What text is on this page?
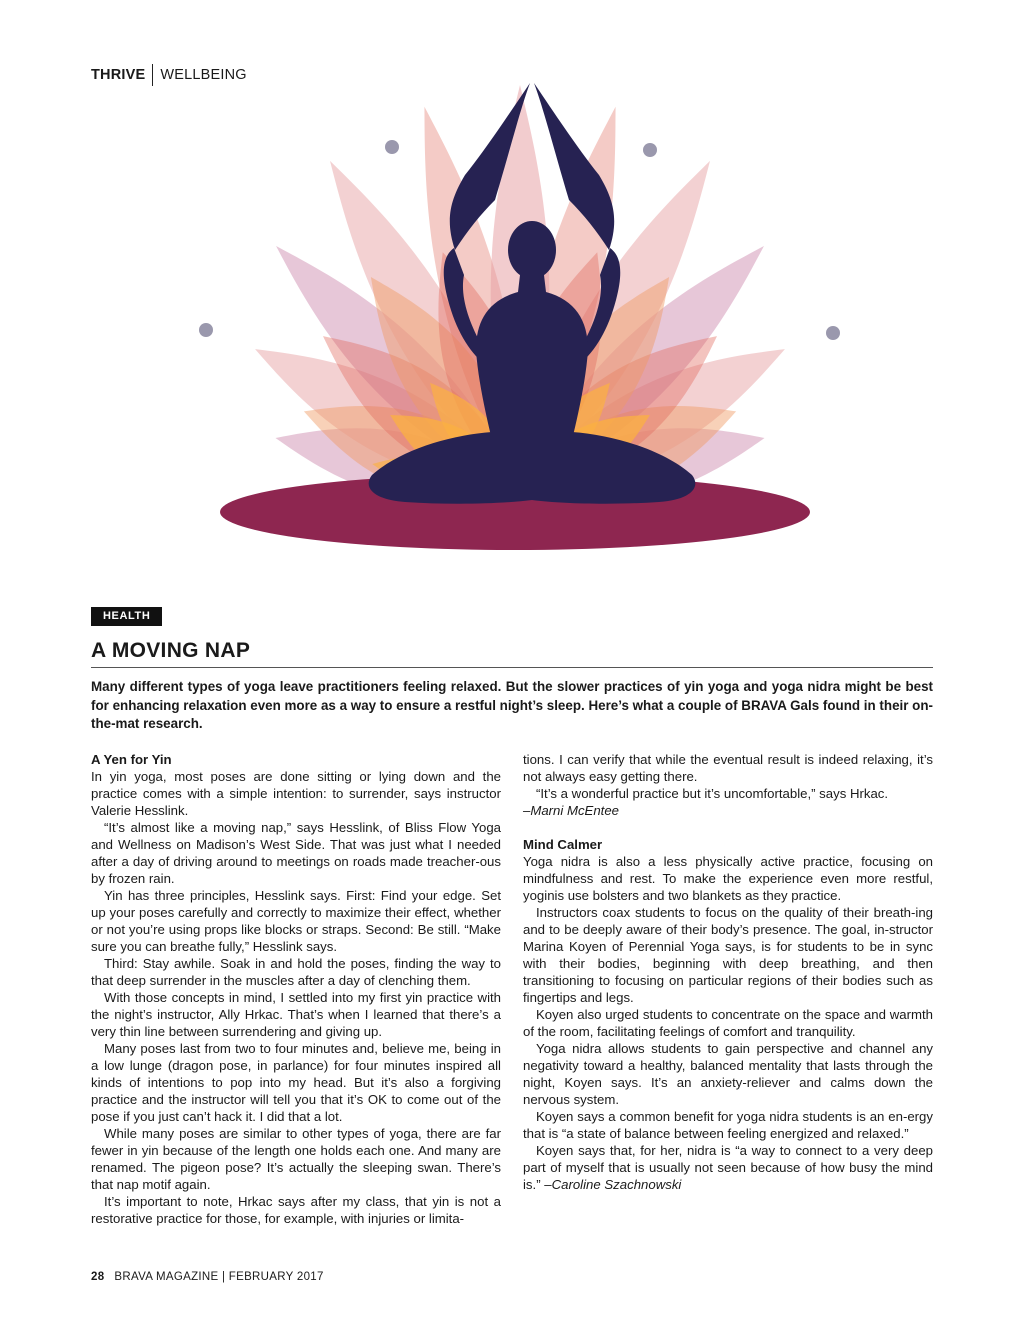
THRIVE WELLBEING
HEALTH
A MOVING NAP
Many different types of yoga leave practitioners feeling relaxed. But the slower practices of yin yoga and yoga nidra might be best for enhancing relaxation even more as a way to ensure a restful night’s sleep. Here’s what a couple of BRAVA Gals found in their on-the-mat research.
A Yen for Yin

In yin yoga, most poses are done sitting or lying down and the practice comes with a simple intention: to surrender, says instructor Valerie Hesslink.

“It’s almost like a moving nap,” says Hesslink, of Bliss Flow Yoga and Wellness on Madison’s West Side. That was just what I needed after a day of driving around to meetings on roads made treacher-ous by frozen rain.

Yin has three principles, Hesslink says. First: Find your edge. Set up your poses carefully and correctly to maximize their effect, whether or not you’re using props like blocks or straps. Second: Be still. “Make sure you can breathe fully,” Hesslink says.

Third: Stay awhile. Soak in and hold the poses, finding the way to that deep surrender in the muscles after a day of clenching them.

With those concepts in mind, I settled into my first yin practice with the night’s instructor, Ally Hrkac. That’s when I learned that there’s a very thin line between surrendering and giving up.

Many poses last from two to four minutes and, believe me, being in a low lunge (dragon pose, in parlance) for four minutes inspired all kinds of intentions to pop into my head. But it’s also a forgiving practice and the instructor will tell you that it’s OK to come out of the pose if you just can’t hack it. I did that a lot.

While many poses are similar to other types of yoga, there are far fewer in yin because of the length one holds each one. And many are renamed. The pigeon pose? It’s actually the sleeping swan. There’s that nap motif again.

It’s important to note, Hrkac says after my class, that yin is not a restorative practice for those, for example, with injuries or limita-

tions. I can verify that while the eventual result is indeed relaxing, it’s not always easy getting there.

“It’s a wonderful practice but it’s uncomfortable,” says Hrkac.

–Marni McEntee

Mind Calmer

Yoga nidra is also a less physically active practice, focusing on mindfulness and rest. To make the experience even more restful, yoginis use bolsters and two blankets as they practice.

Instructors coax students to focus on the quality of their breath-ing and to be deeply aware of their body’s presence. The goal, in-structor Marina Koyen of Perennial Yoga says, is for students to be in sync with their bodies, beginning with deep breathing, and then transitioning to focusing on particular regions of their bodies such as fingertips and legs.

Koyen also urged students to concentrate on the space and warmth of the room, facilitating feelings of comfort and tranquility.

Yoga nidra allows students to gain perspective and channel any negativity toward a healthy, balanced mentality that lasts through the night, Koyen says. It’s an anxiety-reliever and calms down the nervous system.

Koyen says a common benefit for yoga nidra students is an en-ergy that is “a state of balance between feeling energized and relaxed.”

Koyen says that, for her, nidra is “a way to connect to a very deep part of myself that is usually not seen because of how busy the mind is.” –Caroline Szachnowski

28 BRAVA MAGAZINE | FEBRUARY 2017
